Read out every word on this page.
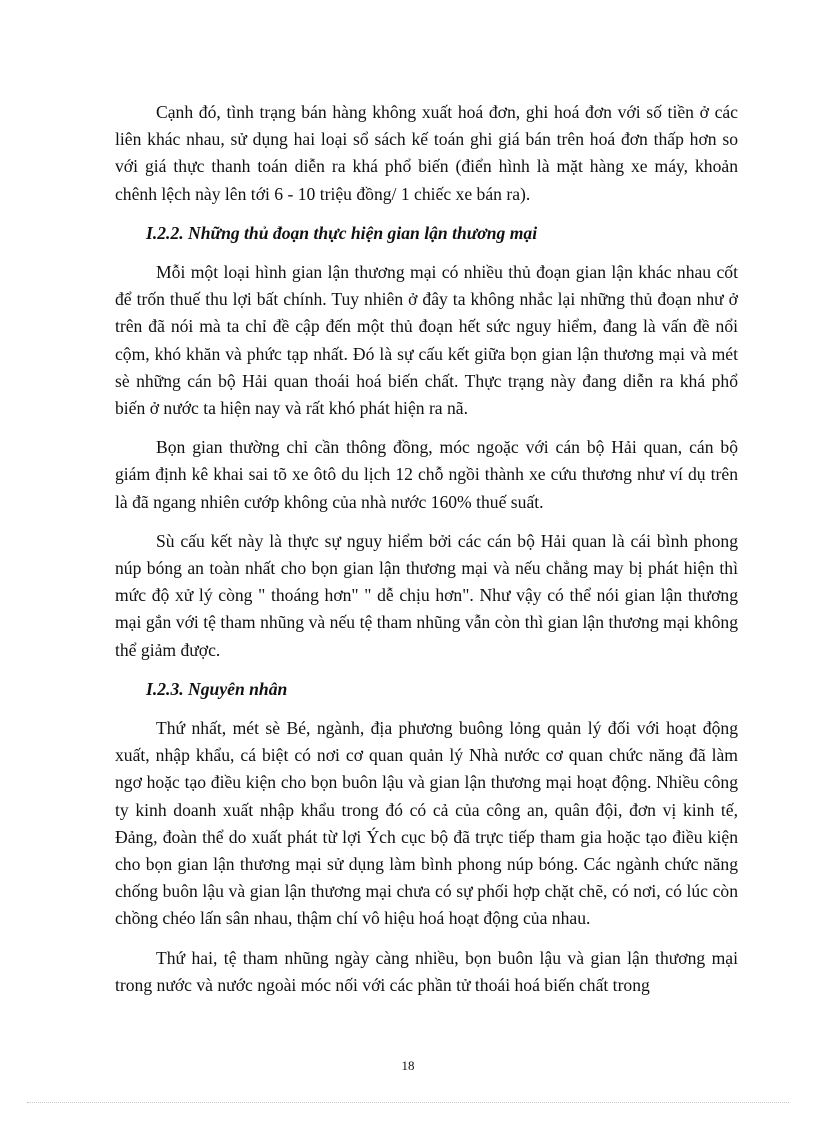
Cạnh đó, tình trạng bán hàng không xuất hoá đơn, ghi hoá đơn với số tiền ở các liên khác nhau, sử dụng hai loại sổ sách kế toán ghi giá bán trên hoá đơn thấp hơn so với giá thực thanh toán diễn ra khá phổ biến (điển hình là mặt hàng xe máy, khoản chênh lệch này lên tới 6 - 10 triệu đồng/ 1 chiếc xe bán ra).

I.2.2. Những thủ đoạn thực hiện gian lận thương mại

Mỗi một loại hình gian lận thương mại có nhiều thủ đoạn gian lận khác nhau cốt để trốn thuế thu lợi bất chính. Tuy nhiên ở đây ta không nhắc lại những thủ đoạn như ở trên đã nói mà ta chỉ đề cập đến một thủ đoạn hết sức nguy hiểm, đang là vấn đề nổi cộm, khó khăn và phức tạp nhất. Đó là sự cấu kết giữa bọn gian lận thương mại và mét sè những cán bộ Hải quan thoái hoá biến chất. Thực trạng này đang diễn ra khá phổ biến ở nước ta hiện nay và rất khó phát hiện ra nã.

Bọn gian thường chỉ cần thông đồng, móc ngoặc với cán bộ Hải quan, cán bộ giám định kê khai sai tõ xe ôtô du lịch 12 chỗ ngồi thành xe cứu thương như ví dụ trên là đã ngang nhiên cướp không của nhà nước 160% thuế suất.

Sù cấu kết này là thực sự nguy hiểm bởi các cán bộ Hải quan là cái bình phong núp bóng an toàn nhất cho bọn gian lận thương mại và nếu chẳng may bị phát hiện thì mức độ xử lý còng " thoáng hơn" " dễ chịu hơn". Như vậy có thể nói gian lận thương mại gắn với tệ tham nhũng và nếu tệ tham nhũng vẫn còn thì gian lận thương mại không thể giảm được.

I.2.3. Nguyên nhân

Thứ nhất, mét sè Bé, ngành, địa phương buông lỏng quản lý đối với hoạt động xuất, nhập khẩu, cá biệt có nơi cơ quan quản lý Nhà nước cơ quan chức năng đã làm ngơ hoặc tạo điều kiện cho bọn buôn lậu và gian lận thương mại hoạt động. Nhiều công ty kinh doanh xuất nhập khẩu trong đó có cả của công an, quân đội, đơn vị kinh tế, Đảng, đoàn thể do xuất phát từ lợi Ých cục bộ đã trực tiếp tham gia hoặc tạo điều kiện cho bọn gian lận thương mại sử dụng làm bình phong núp bóng. Các ngành chức năng chống buôn lậu và gian lận thương mại chưa có sự phối hợp chặt chẽ, có nơi, có lúc còn chồng chéo lấn sân nhau, thậm chí vô hiệu hoá hoạt động của nhau.

Thứ hai, tệ tham nhũng ngày càng nhiều, bọn buôn lậu và gian lận thương mại trong nước và nước ngoài móc nối với các phần tử thoái hoá biến chất trong

18
